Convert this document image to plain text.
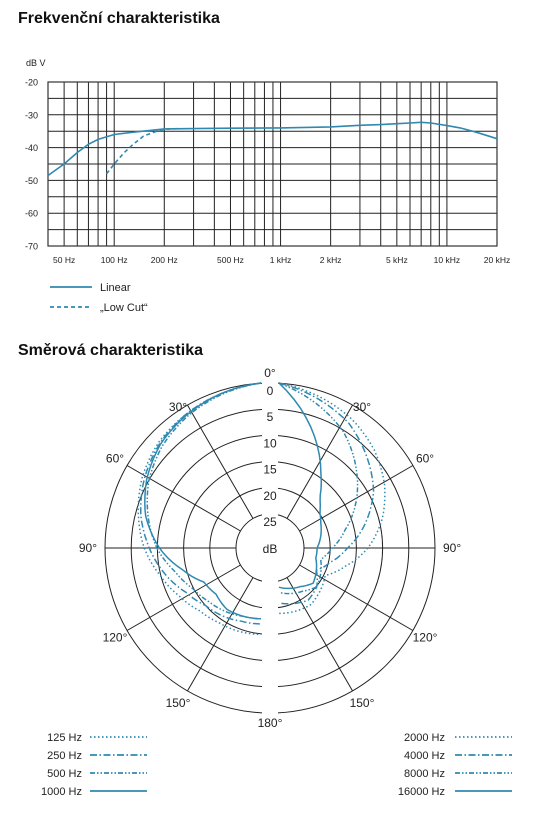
Frekvenční charakteristika
dB V
-20
-30
-40
-50
-60
-70
50 Hz	100 Hz	200 Hz	500 Hz	1 kHz	2 kHz	5 kHz	10 kHz	20 kHz
Linear
„Low Cut“
Směrová charakteristika
0
5
10
15
20
25
dB
0°
30°
60°
90°
120°
150°
180°
30°
60°
90°
120°
150°
125 Hz
250 Hz
500 Hz
1000 Hz
2000 Hz
4000 Hz
8000 Hz
16000 Hz
